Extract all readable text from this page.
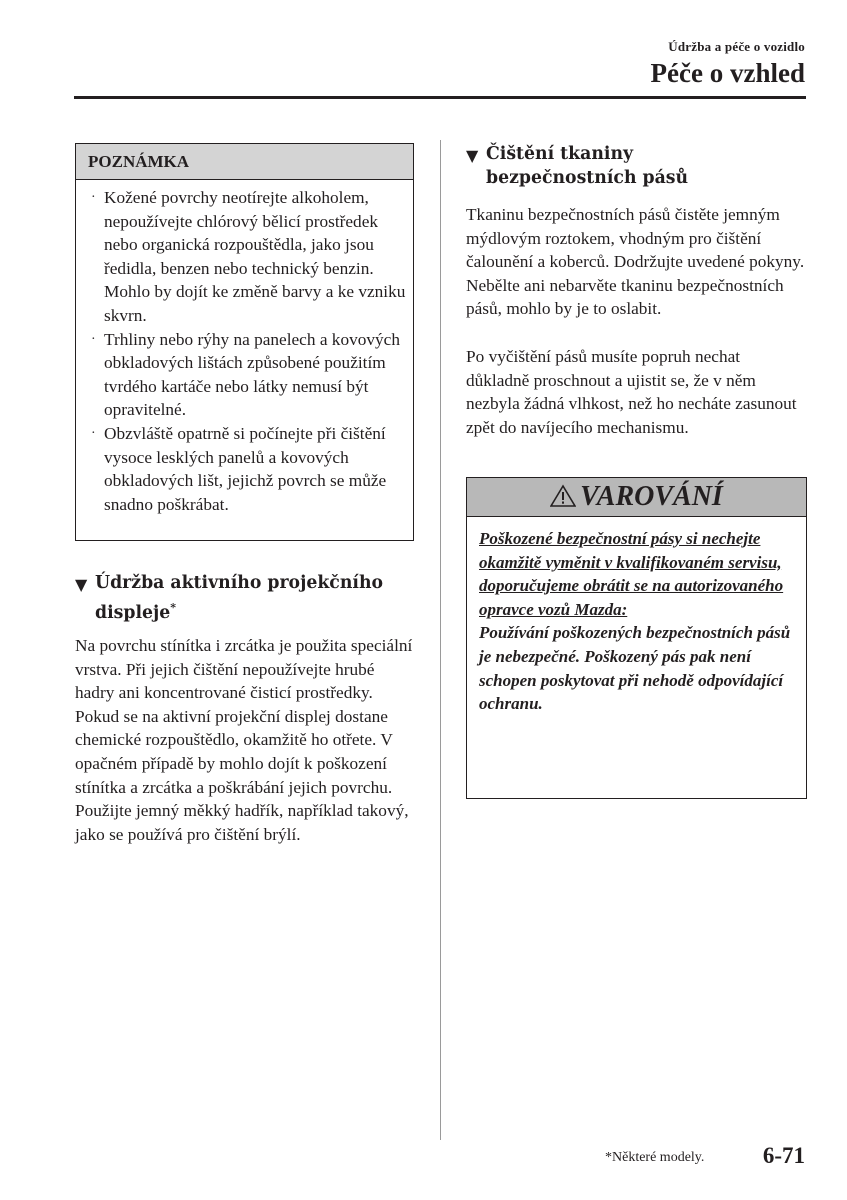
Údržba a péče o vozidlo
Péče o vzhled
POZNÁMKA
· Kožené povrchy neotírejte alkoholem, nepoužívejte chlórový bělicí prostředek nebo organická rozpouštědla, jako jsou ředidla, benzen nebo technický benzin. Mohlo by dojít ke změně barvy a ke vzniku skvrn.
· Trhliny nebo rýhy na panelech a kovových obkladových lištách způsobené použitím tvrdého kartáče nebo látky nemusí být opravitelné.
· Obzvláště opatrně si počínejte při čištění vysoce lesklých panelů a kovových obkladových lišt, jejichž povrch se může snadno poškrábat.
▼ Údržba aktivního projekčního displeje*

Na povrchu stínítka i zrcátka je použita speciální vrstva. Při jejich čištění nepoužívejte hrubé hadry ani koncentrované čisticí prostředky. Pokud se na aktivní projekční displej dostane chemické rozpouštědlo, okamžitě ho otřete. V opačném případě by mohlo dojít k poškození stínítka a zrcátka a poškrábání jejich povrchu. Použijte jemný měkký hadřík, například takový, jako se používá pro čištění brýlí.

▼ Čištění tkaniny bezpečnostních pásů

Tkaninu bezpečnostních pásů čistěte jemným mýdlovým roztokem, vhodným pro čištění čalounění a koberců. Dodržujte uvedené pokyny. Nebělte ani nebarvěte tkaninu bezpečnostních pásů, mohlo by je to oslabit.

Po vyčištění pásů musíte popruh nechat důkladně proschnout a ujistit se, že v něm nezbyla žádná vlhkost, než ho necháte zasunout zpět do navíjecího mechanismu.

VAROVÁNÍ
Poškozené bezpečnostní pásy si nechejte okamžitě vyměnit v kvalifikovaném servisu, doporučujeme obrátit se na autorizovaného opravce vozů Mazda:
Používání poškozených bezpečnostních pásů je nebezpečné. Poškozený pás pak není schopen poskytovat při nehodě odpovídající ochranu.
*Některé modely.	6-71
